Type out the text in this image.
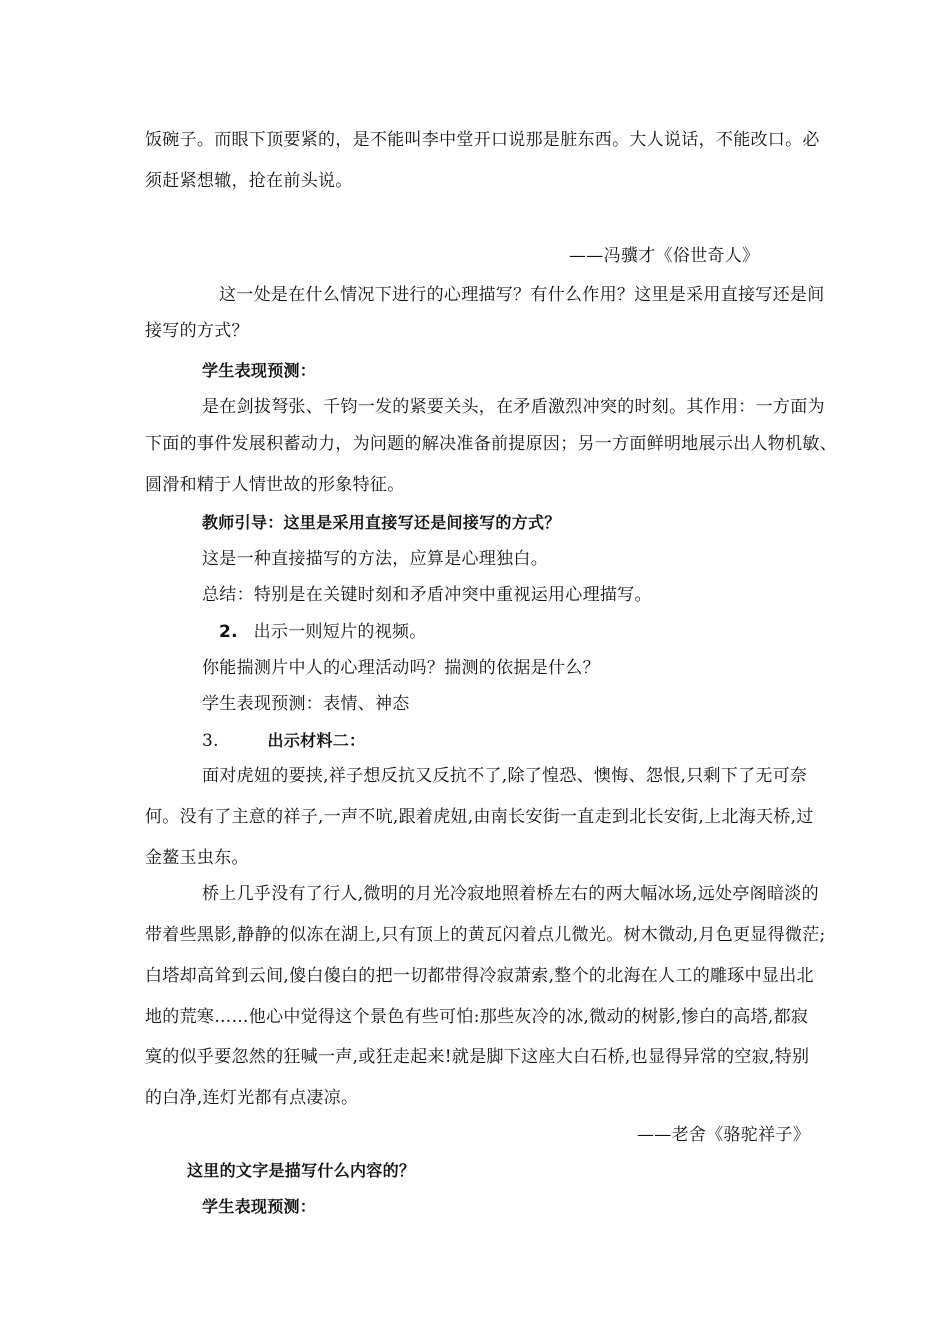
饭碗子。而眼下顶要紧的，是不能叫李中堂开口说那是脏东西。大人说话，不能改口。必
须赶紧想辙，抢在前头说。
——冯骥才《俗世奇人》
这一处是在什么情况下进行的心理描写？有什么作用？这里是采用直接写还是间
接写的方式？
学生表现预测：
是在剑拔弩张、千钧一发的紧要关头，在矛盾激烈冲突的时刻。其作用：一方面为
下面的事件发展积蓄动力，为问题的解决准备前提原因；另一方面鲜明地展示出人物机敏、
圆滑和精于人情世故的形象特征。
教师引导：这里是采用直接写还是间接写的方式？
这是一种直接描写的方法，应算是心理独白。
总结：特别是在关键时刻和矛盾冲突中重视运用心理描写。
2. 出示一则短片的视频。
你能揣测片中人的心理活动吗？揣测的依据是什么？
学生表现预测：表情、神态
3.	出示材料二：
面对虎妞的要挟,祥子想反抗又反抗不了,除了惶恐、懊悔、怨恨,只剩下了无可奈
何。没有了主意的祥子,一声不吭,跟着虎妞,由南长安街一直走到北长安街,上北海天桥,过
金鳌玉虫东。
桥上几乎没有了行人,微明的月光冷寂地照着桥左右的两大幅冰场,远处亭阁暗淡的
带着些黑影,静静的似冻在湖上,只有顶上的黄瓦闪着点儿微光。树木微动,月色更显得微茫;
白塔却高耸到云间,傻白傻白的把一切都带得冷寂萧索,整个的北海在人工的雕琢中显出北
地的荒寒……他心中觉得这个景色有些可怕:那些灰冷的冰,微动的树影,惨白的高塔,都寂
寞的似乎要忽然的狂喊一声,或狂走起来!就是脚下这座大白石桥,也显得异常的空寂,特别
的白净,连灯光都有点凄凉。
——老舍《骆驼祥子》
这里的文字是描写什么内容的？
学生表现预测：
